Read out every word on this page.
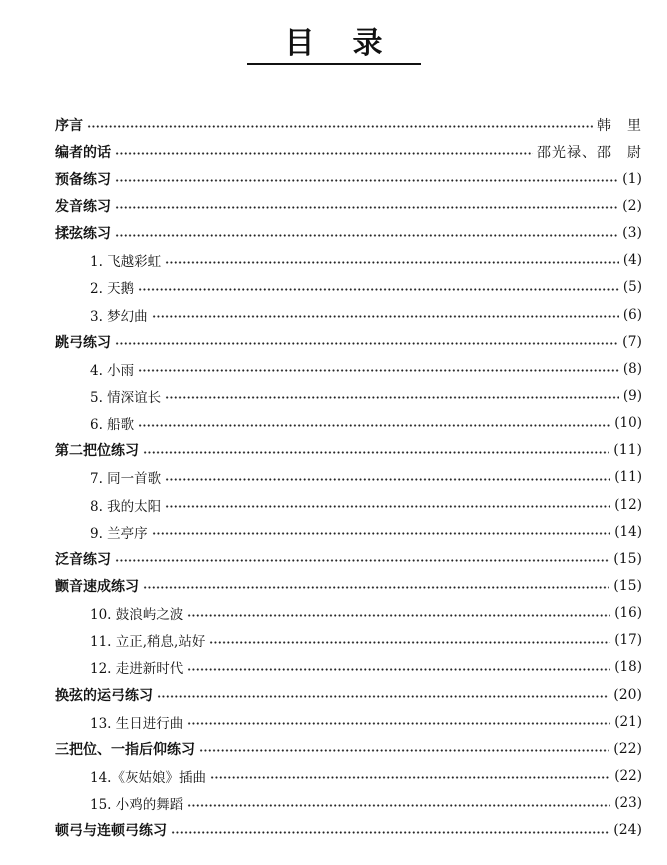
目录
序言	韩　里
编者的话	邵光禄、邵　尉
预备练习	(1)
发音练习	(2)
揉弦练习	(3)
1. 飞越彩虹	(4)
2. 天鹅	(5)
3. 梦幻曲	(6)
跳弓练习	(7)
4. 小雨	(8)
5. 情深谊长	(9)
6. 船歌	(10)
第二把位练习	(11)
7. 同一首歌	(11)
8. 我的太阳	(12)
9. 兰亭序	(14)
泛音练习	(15)
颤音速成练习	(15)
10. 鼓浪屿之波	(16)
11. 立正,稍息,站好	(17)
12. 走进新时代	(18)
换弦的运弓练习	(20)
13. 生日进行曲	(21)
三把位、一指后仰练习	(22)
14.《灰姑娘》插曲	(22)
15. 小鸡的舞蹈	(23)
顿弓与连顿弓练习	(24)
